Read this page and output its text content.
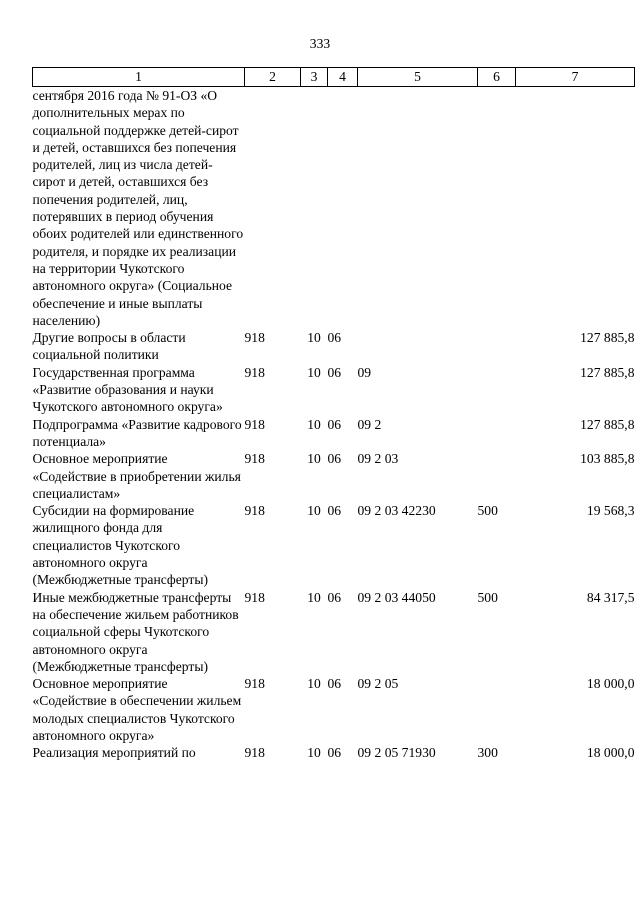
333
1	2	3	4	5	6	7
сентября 2016 года № 91-ОЗ «О дополнительных мерах по социальной поддержке детей-сирот и детей, оставшихся без попечения родителей, лиц из числа детей-сирот и детей, оставшихся без попечения родителей, лиц, потерявших в период обучения обоих родителей или единственного родителя, и порядке их реализации на территории Чукотского автономного округа» (Социальное обеспечение и иные выплаты населению)						
Другие вопросы в области социальной политики	918	10	06			127 885,8
Государственная программа «Развитие образования и науки Чукотского автономного округа»	918	10	06	09		127 885,8
Подпрограмма «Развитие кадрового потенциала»	918	10	06	09 2		127 885,8
Основное мероприятие «Содействие в приобретении жилья специалистам»	918	10	06	09 2 03		103 885,8
Субсидии на формирование жилищного фонда для специалистов Чукотского автономного округа (Межбюджетные трансферты)	918	10	06	09 2 03 42230	500	19 568,3
Иные межбюджетные трансферты на обеспечение жильем работников социальной сферы Чукотского автономного округа (Межбюджетные трансферты)	918	10	06	09 2 03 44050	500	84 317,5
Основное мероприятие «Содействие в обеспечении жильем молодых специалистов Чукотского автономного округа»	918	10	06	09 2 05		18 000,0
Реализация мероприятий по	918	10	06	09 2 05 71930	300	18 000,0
